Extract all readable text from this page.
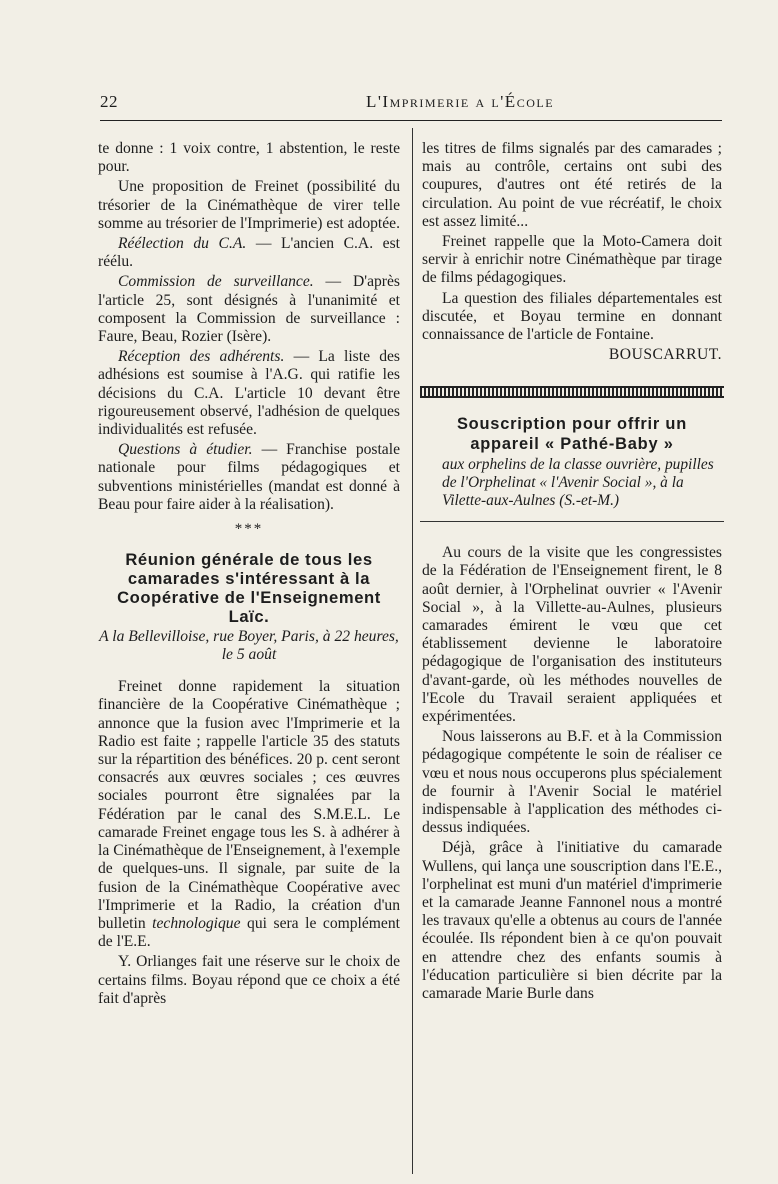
22	L'Imprimerie a l'École

te donne : 1 voix contre, 1 abstention, le reste pour.

Une proposition de Freinet (possibilité du trésorier de la Cinémathèque de virer telle somme au trésorier de l'Imprimerie) est adoptée.

Réélection du C.A. — L'ancien C.A. est réélu.

Commission de surveillance. — D'après l'article 25, sont désignés à l'unanimité et composent la Commission de surveillance : Faure, Beau, Rozier (Isère).

Réception des adhérents. — La liste des adhésions est soumise à l'A.G. qui ratifie les décisions du C.A. L'article 10 devant être rigoureusement observé, l'adhésion de quelques individualités est refusée.

Questions à étudier. — Franchise postale nationale pour films pédagogiques et subventions ministérielles (mandat est donné à Beau pour faire aider à la réalisation).

***
Réunion générale de tous les camarades s'intéressant à la Coopérative de l'Enseignement Laïc.
A la Bellevilloise, rue Boyer, Paris, à 22 heures, le 5 août

Freinet donne rapidement la situation financière de la Coopérative Cinémathèque ; annonce que la fusion avec l'Imprimerie et la Radio est faite ; rappelle l'article 35 des statuts sur la répartition des bénéfices. 20 p. cent seront consacrés aux œuvres sociales ; ces œuvres sociales pourront être signalées par la Fédération par le canal des S.M.E.L. Le camarade Freinet engage tous les S. à adhérer à la Cinémathèque de l'Enseignement, à l'exemple de quelques-uns. Il signale, par suite de la fusion de la Cinémathèque Coopérative avec l'Imprimerie et la Radio, la création d'un bulletin technologique qui sera le complément de l'E.E.

Y. Orlianges fait une réserve sur le choix de certains films. Boyau répond que ce choix a été fait d'après

les titres de films signalés par des camarades ; mais au contrôle, certains ont subi des coupures, d'autres ont été retirés de la circulation. Au point de vue récréatif, le choix est assez limité...

Freinet rappelle que la Moto-Camera doit servir à enrichir notre Cinémathèque par tirage de films pédagogiques.

La question des filiales départementales est discutée, et Boyau termine en donnant connaissance de l'article de Fontaine.

BOUSCARRUT.

Souscription pour offrir un appareil « Pathé-Baby »
aux orphelins de la classe ouvrière, pupilles de l'Orphelinat « l'Avenir Social », à la Vilette-aux-Aulnes (S.-et-M.)

Au cours de la visite que les congressistes de la Fédération de l'Enseignement firent, le 8 août dernier, à l'Orphelinat ouvrier « l'Avenir Social », à la Villette-au-Aulnes, plusieurs camarades émirent le vœu que cet établissement devienne le laboratoire pédagogique de l'organisation des instituteurs d'avant-garde, où les méthodes nouvelles de l'Ecole du Travail seraient appliquées et expérimentées.

Nous laisserons au B.F. et à la Commission pédagogique compétente le soin de réaliser ce vœu et nous nous occuperons plus spécialement de fournir à l'Avenir Social le matériel indispensable à l'application des méthodes ci-dessus indiquées.

Déjà, grâce à l'initiative du camarade Wullens, qui lança une souscription dans l'E.E., l'orphelinat est muni d'un matériel d'imprimerie et la camarade Jeanne Fannonel nous a montré les travaux qu'elle a obtenus au cours de l'année écoulée. Ils répondent bien à ce qu'on pouvait en attendre chez des enfants soumis à l'éducation particulière si bien décrite par la camarade Marie Burle dans
